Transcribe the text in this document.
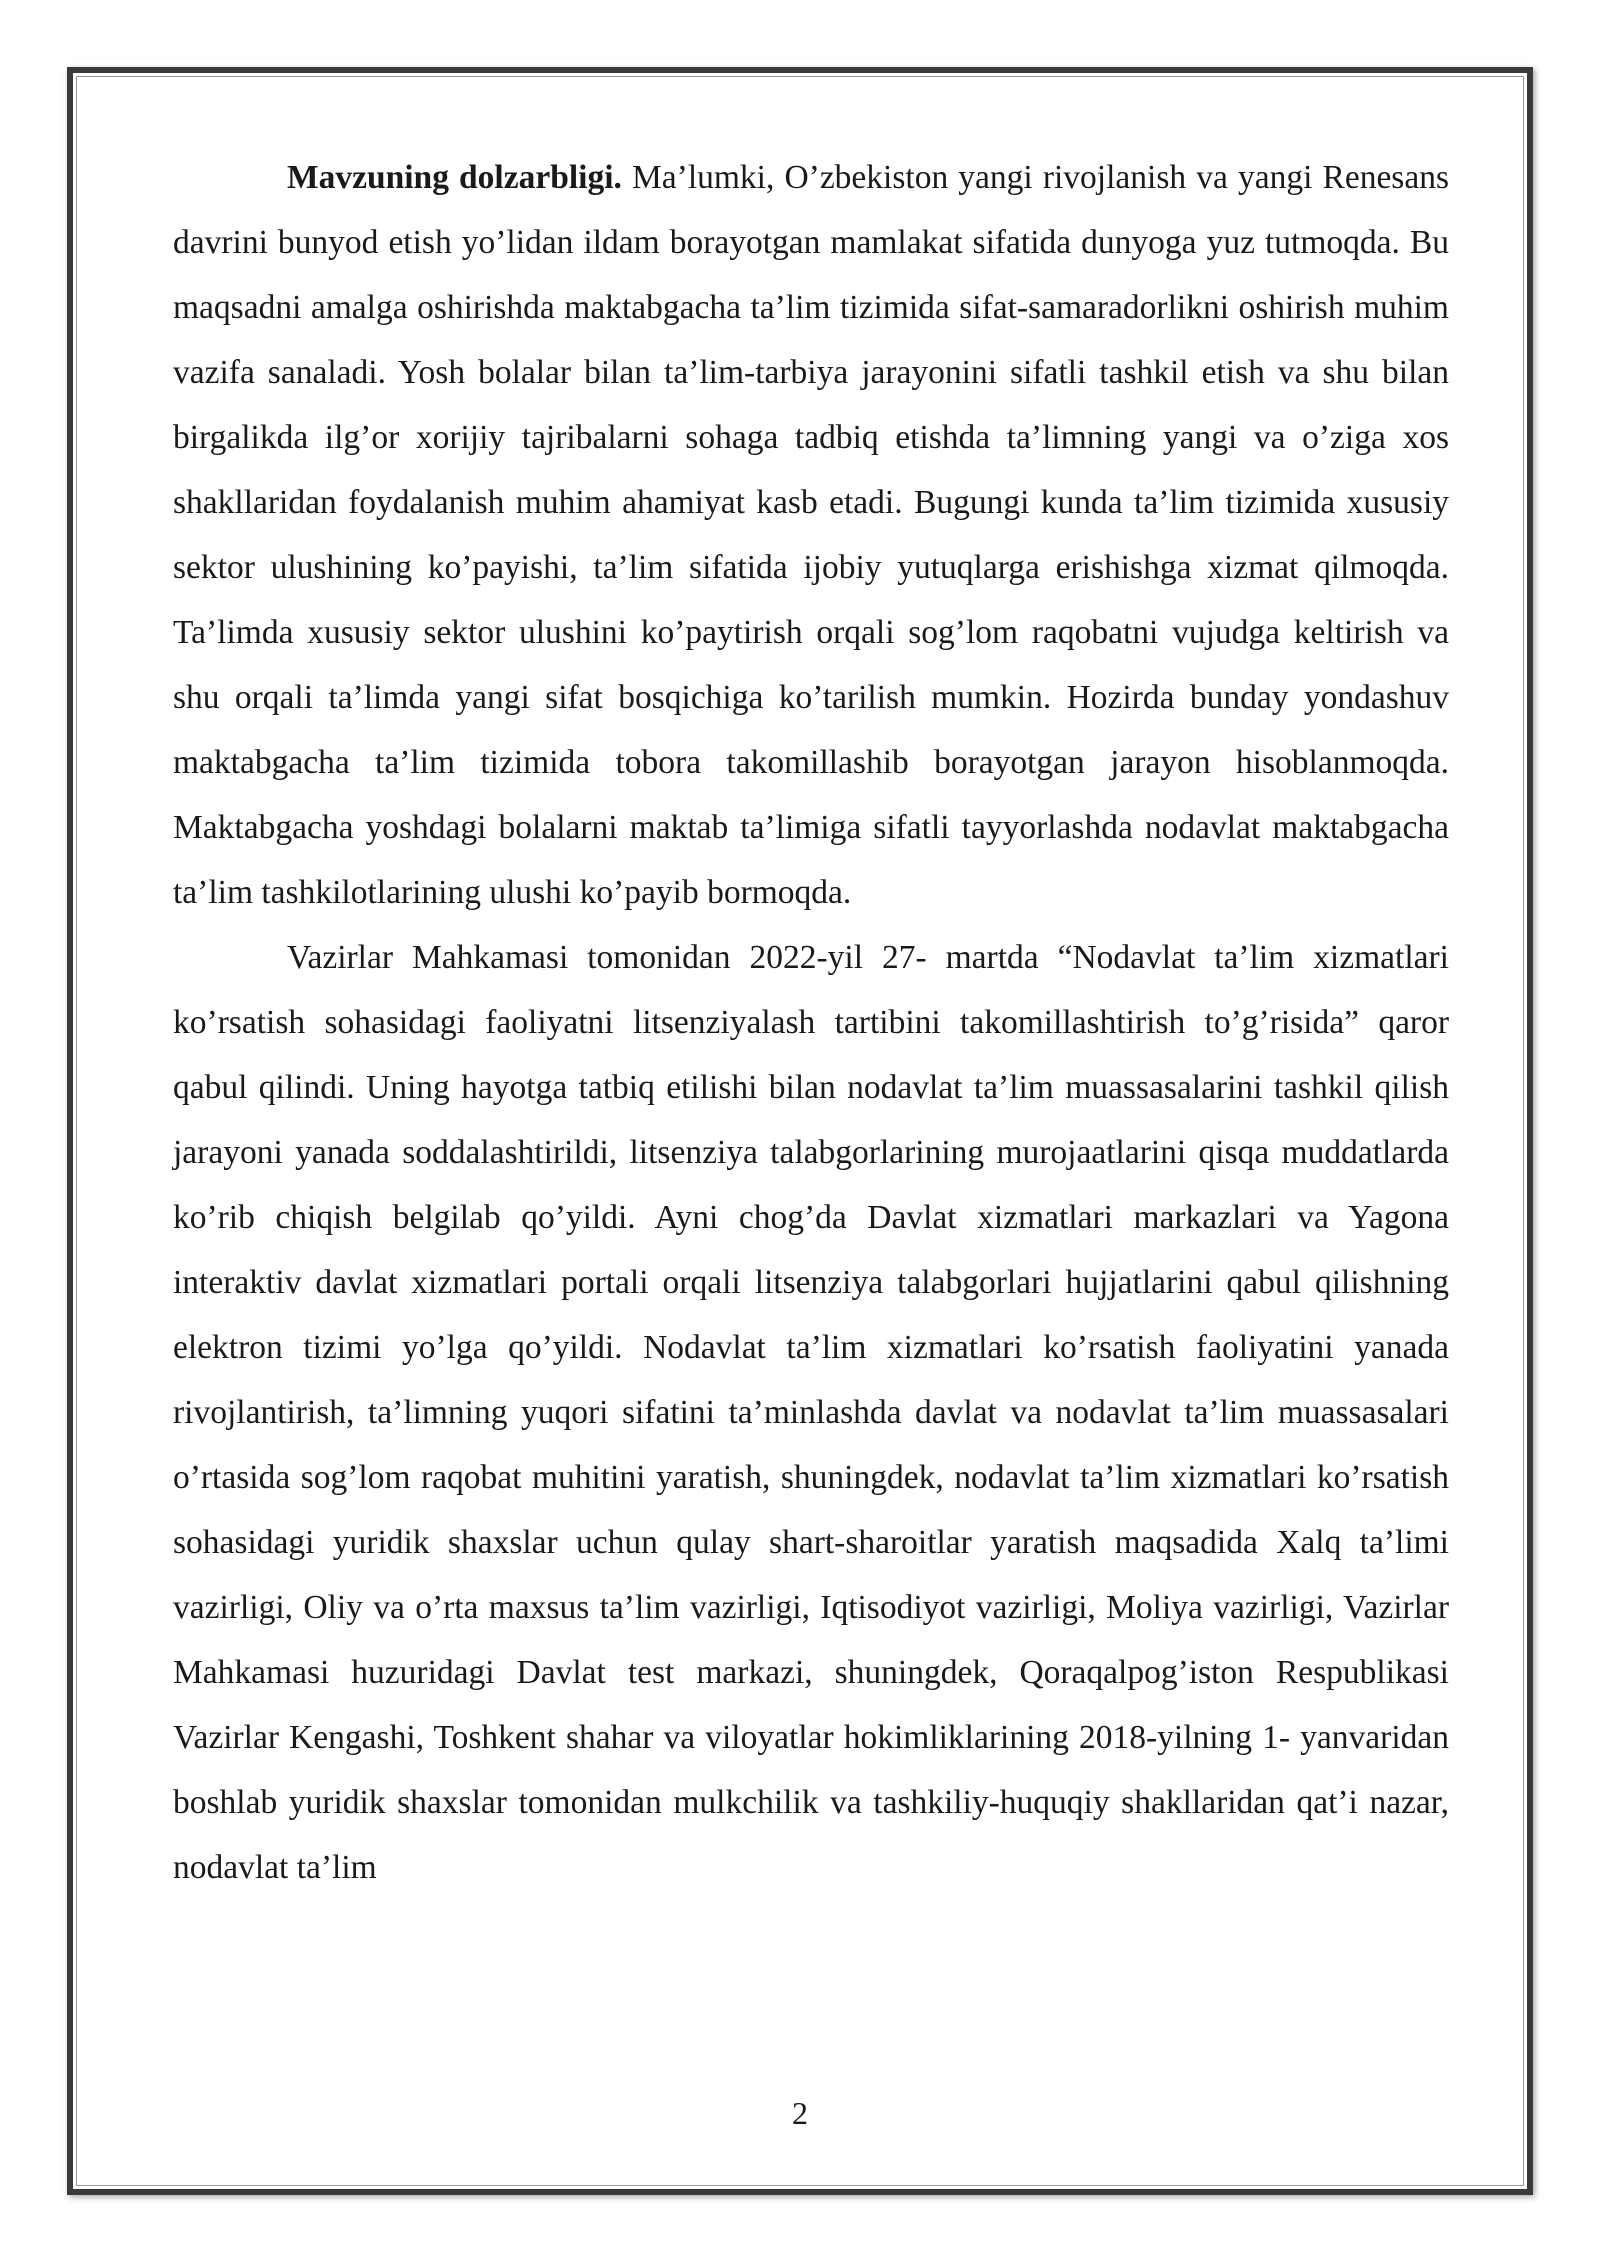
Mavzuning dolzarbligi. Ma’lumki, O’zbekiston yangi rivojlanish va yangi Renesans davrini bunyod etish yo’lidan ildam borayotgan mamlakat sifatida dunyoga yuz tutmoqda. Bu maqsadni amalga oshirishda maktabgacha ta’lim tizimida sifat-samaradorlikni oshirish muhim vazifa sanaladi. Yosh bolalar bilan ta’lim-tarbiya jarayonini sifatli tashkil etish va shu bilan birgalikda ilg’or xorijiy tajribalarni sohaga tadbiq etishda ta’limning yangi va o’ziga xos shakllaridan foydalanish muhim ahamiyat kasb etadi. Bugungi kunda ta’lim tizimida xususiy sektor ulushining ko’payishi, ta’lim sifatida ijobiy yutuqlarga erishishga xizmat qilmoqda. Ta’limda xususiy sektor ulushini ko’paytirish orqali sog’lom raqobatni vujudga keltirish va shu orqali ta’limda yangi sifat bosqichiga ko’tarilish mumkin. Hozirda bunday yondashuv maktabgacha ta’lim tizimida tobora takomillashib borayotgan jarayon hisoblanmoqda. Maktabgacha yoshdagi bolalarni maktab ta’limiga sifatli tayyorlashda nodavlat maktabgacha ta’lim tashkilotlarining ulushi ko’payib bormoqda.

Vazirlar Mahkamasi tomonidan 2022-yil 27- martda “Nodavlat ta’lim xizmatlari ko’rsatish sohasidagi faoliyatni litsenziyalash tartibini takomillashtirish to’g’risida” qaror qabul qilindi. Uning hayotga tatbiq etilishi bilan nodavlat ta’lim muassasalarini tashkil qilish jarayoni yanada soddalashtirildi, litsenziya talabgorlarining murojaatlarini qisqa muddatlarda ko’rib chiqish belgilab qo’yildi. Ayni chog’da Davlat xizmatlari markazlari va Yagona interaktiv davlat xizmatlari portali orqali litsenziya talabgorlari hujjatlarini qabul qilishning elektron tizimi yo’lga qo’yildi. Nodavlat ta’lim xizmatlari ko’rsatish faoliyatini yanada rivojlantirish, ta’limning yuqori sifatini ta’minlashda davlat va nodavlat ta’lim muassasalari o’rtasida sog’lom raqobat muhitini yaratish, shuningdek, nodavlat ta’lim xizmatlari ko’rsatish sohasidagi yuridik shaxslar uchun qulay shart-sharoitlar yaratish maqsadida Xalq ta’limi vazirligi, Oliy va o’rta maxsus ta’lim vazirligi, Iqtisodiyot vazirligi, Moliya vazirligi, Vazirlar Mahkamasi huzuridagi Davlat test markazi, shuningdek, Qoraqalpog’iston Respublikasi Vazirlar Kengashi, Toshkent shahar va viloyatlar hokimliklarining 2018-yilning 1- yanvaridan boshlab yuridik shaxslar tomonidan mulkchilik va tashkiliy-huquqiy shakllaridan qat’i nazar, nodavlat ta’lim

2
